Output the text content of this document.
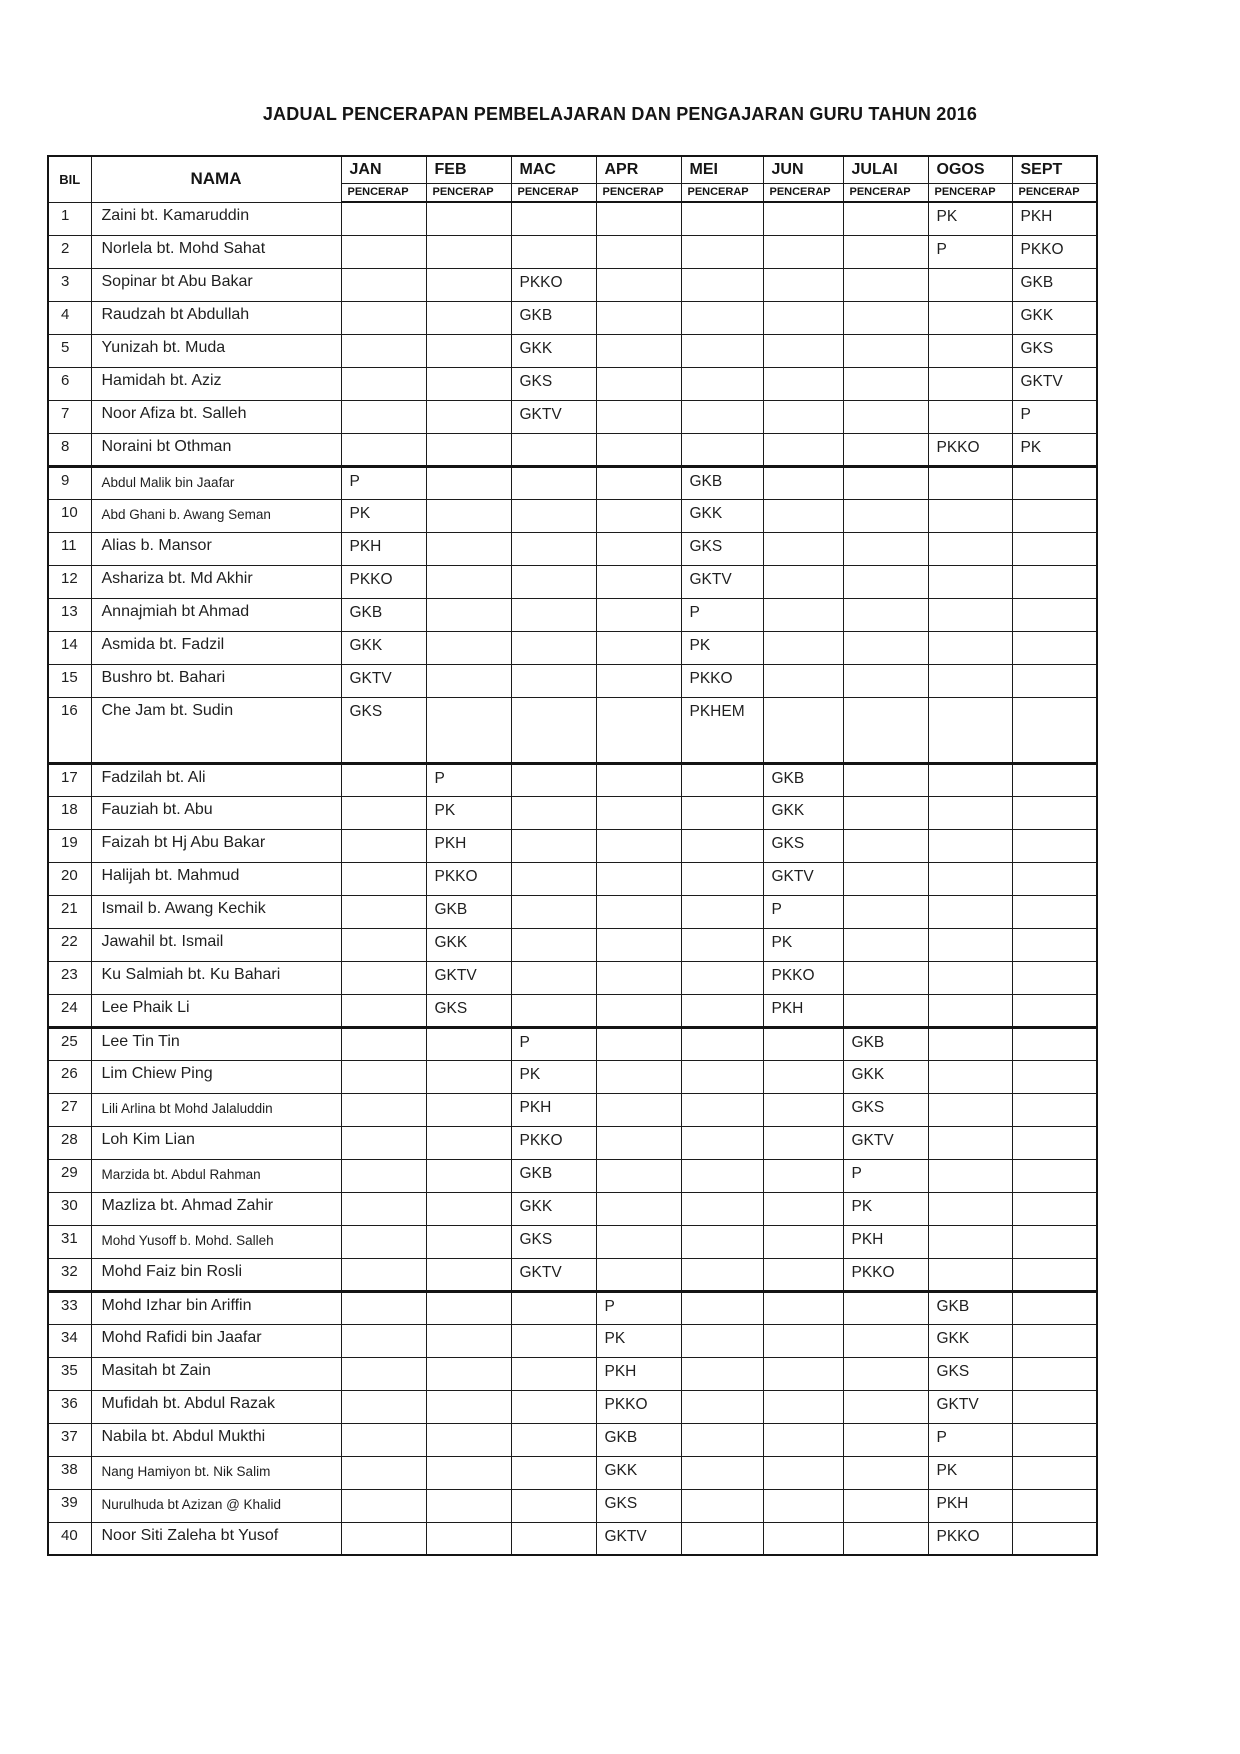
JADUAL PENCERAPAN PEMBELAJARAN DAN PENGAJARAN GURU TAHUN 2016
BIL	NAMA	JAN	FEB	MAC	APR	MEI	JUN	JULAI	OGOS	SEPT
		PENCERAP	PENCERAP	PENCERAP	PENCERAP	PENCERAP	PENCERAP	PENCERAP	PENCERAP	PENCERAP
1	Zaini bt. Kamaruddin								PK	PKH
2	Norlela bt. Mohd Sahat								P	PKKO
3	Sopinar bt Abu Bakar			PKKO						GKB
4	Raudzah bt Abdullah			GKB						GKK
5	Yunizah bt. Muda			GKK						GKS
6	Hamidah bt. Aziz			GKS						GKTV
7	Noor Afiza bt. Salleh			GKTV						P
8	Noraini bt Othman								PKKO	PK
9	Abdul Malik bin Jaafar	P				GKB				
10	Abd Ghani b. Awang Seman	PK				GKK				
11	Alias b. Mansor	PKH				GKS				
12	Ashariza bt. Md Akhir	PKKO				GKTV				
13	Annajmiah bt Ahmad	GKB				P				
14	Asmida bt. Fadzil	GKK				PK				
15	Bushro bt. Bahari	GKTV				PKKO				
16	Che Jam bt. Sudin	GKS				PKHEM				
17	Fadzilah bt. Ali		P				GKB			
18	Fauziah bt. Abu		PK				GKK			
19	Faizah bt Hj Abu Bakar		PKH				GKS			
20	Halijah bt. Mahmud		PKKO				GKTV			
21	Ismail b. Awang Kechik		GKB				P			
22	Jawahil bt. Ismail		GKK				PK			
23	Ku Salmiah bt. Ku Bahari		GKTV				PKKO			
24	Lee Phaik Li		GKS				PKH			
25	Lee Tin Tin			P				GKB		
26	Lim Chiew Ping			PK				GKK		
27	Lili Arlina bt Mohd Jalaluddin			PKH				GKS		
28	Loh Kim Lian			PKKO				GKTV		
29	Marzida bt. Abdul Rahman			GKB				P		
30	Mazliza bt. Ahmad Zahir			GKK				PK		
31	Mohd Yusoff b. Mohd. Salleh			GKS				PKH		
32	Mohd Faiz bin Rosli			GKTV				PKKO		
33	Mohd Izhar bin Ariffin				P				GKB	
34	Mohd Rafidi bin Jaafar				PK				GKK	
35	Masitah bt Zain				PKH				GKS	
36	Mufidah bt. Abdul Razak				PKKO				GKTV	
37	Nabila bt. Abdul Mukthi				GKB				P	
38	Nang Hamiyon bt. Nik Salim				GKK				PK	
39	Nurulhuda bt Azizan @ Khalid				GKS				PKH	
40	Noor Siti Zaleha bt Yusof				GKTV				PKKO	
